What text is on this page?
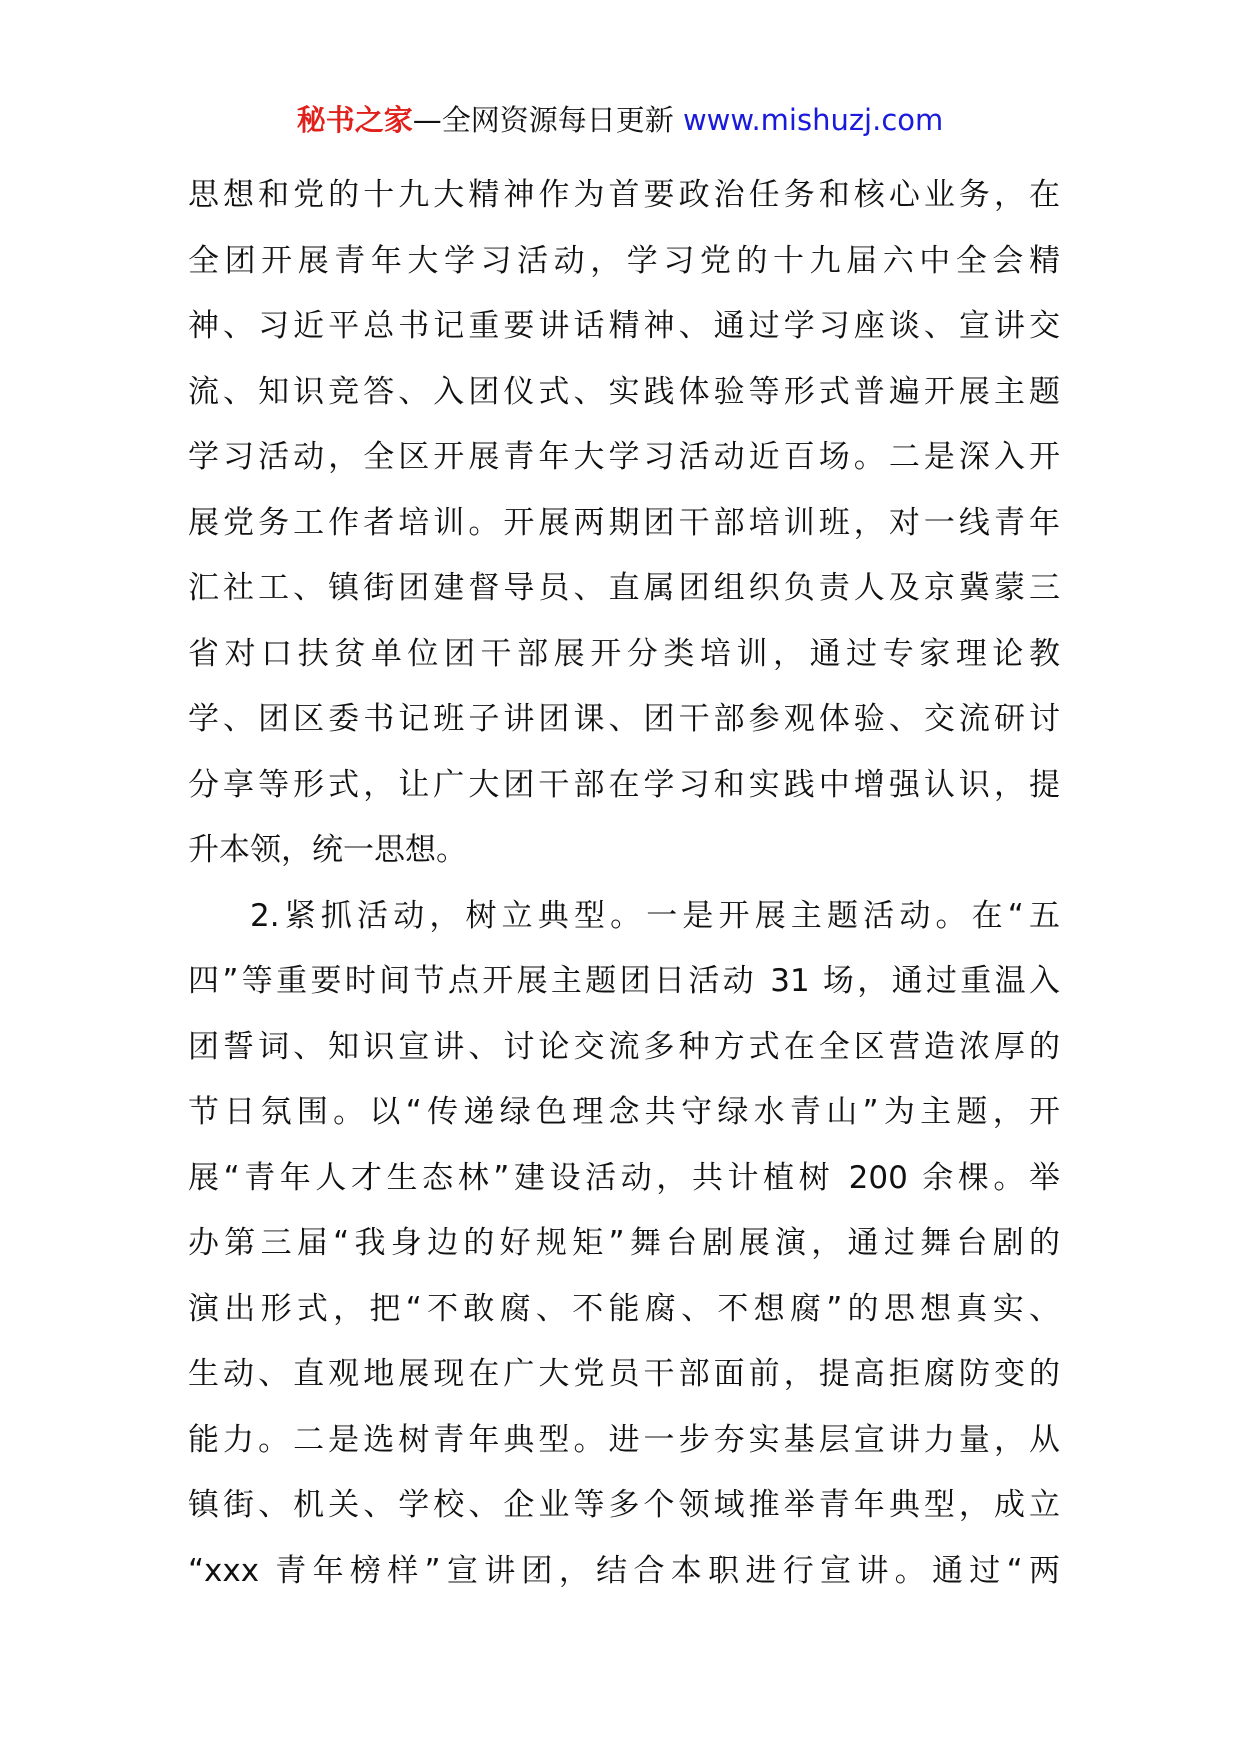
秘书之家—全网资源每日更新 www.mishuzj.com
思想和党的十九大精神作为首要政治任务和核心业务，在
全团开展青年大学习活动，学习党的十九届六中全会精
神、习近平总书记重要讲话精神、通过学习座谈、宣讲交
流、知识竞答、入团仪式、实践体验等形式普遍开展主题
学习活动，全区开展青年大学习活动近百场。二是深入开
展党务工作者培训。开展两期团干部培训班，对一线青年
汇社工、镇街团建督导员、直属团组织负责人及京冀蒙三
省对口扶贫单位团干部展开分类培训，通过专家理论教
学、团区委书记班子讲团课、团干部参观体验、交流研讨
分享等形式，让广大团干部在学习和实践中增强认识，提
升本领，统一思想。
2.紧抓活动，树立典型。一是开展主题活动。在“五
四”等重要时间节点开展主题团日活动 31 场，通过重温入
团誓词、知识宣讲、讨论交流多种方式在全区营造浓厚的
节日氛围。以“传递绿色理念共守绿水青山”为主题，开
展“青年人才生态林”建设活动，共计植树 200 余棵。举
办第三届“我身边的好规矩”舞台剧展演，通过舞台剧的
演出形式，把“不敢腐、不能腐、不想腐”的思想真实、
生动、直观地展现在广大党员干部面前，提高拒腐防变的
能力。二是选树青年典型。进一步夯实基层宣讲力量，从
镇街、机关、学校、企业等多个领域推举青年典型，成立
“xxx 青年榜样”宣讲团，结合本职进行宣讲。通过“两
